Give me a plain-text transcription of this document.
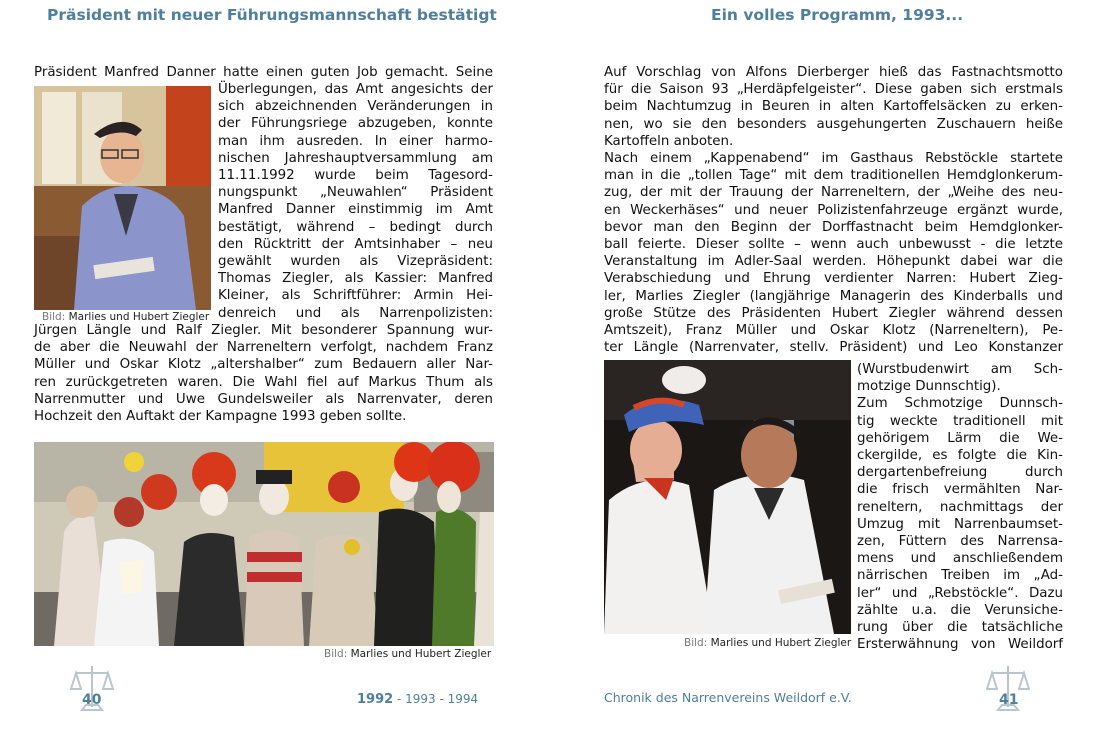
Präsident mit neuer Führungsmannschaft bestätigt

Präsident Manfred Danner hatte einen guten Job gemacht. Seine

Bild: Marlies und Hubert Ziegler

Überlegungen, das Amt angesichts der

sich abzeichnenden Veränderungen in

der Führungsriege abzugeben, konnte

man ihm ausreden. In einer harmo-

nischen Jahreshauptversammlung am

11.11.1992 wurde beim Tagesord-

nungspunkt „Neuwahlen“ Präsident

Manfred Danner einstimmig im Amt

bestätigt, während – bedingt durch

den Rücktritt der Amtsinhaber – neu

gewählt wurden als Vizepräsident:

Thomas Ziegler, als Kassier: Manfred

Kleiner, als Schriftführer: Armin Hei-

denreich und als Narrenpolizisten:

Jürgen Längle und Ralf Ziegler. Mit besonderer Spannung wur-

de aber die Neuwahl der Narreneltern verfolgt, nachdem Franz

Müller und Oskar Klotz „altershalber“ zum Bedauern aller Nar-

ren zurückgetreten waren. Die Wahl fiel auf Markus Thum als

Narrenmutter und Uwe Gundelsweiler als Narrenvater, deren

Hochzeit den Auftakt der Kampagne 1993 geben sollte.

Bild: Marlies und Hubert Ziegler
40	1992 - 1993 - 1994
Ein volles Programm, 1993...

Auf Vorschlag von Alfons Dierberger hieß das Fastnachtsmotto

für die Saison 93 „Herdäpfelgeister“. Diese gaben sich erstmals

beim Nachtumzug in Beuren in alten Kartoffelsäcken zu erken-

nen, wo sie den besonders ausgehungerten Zuschauern heiße

Kartoffeln anboten.

Nach einem „Kappenabend“ im Gasthaus Rebstöckle startete

man in die „tollen Tage“ mit dem traditionellen Hemdglonkerum-

zug, der mit der Trauung der Narreneltern, der „Weihe des neu-

en Weckerhäses“ und neuer Polizistenfahrzeuge ergänzt wurde,

bevor man den Beginn der Dorffastnacht beim Hemdglonker-

ball feierte. Dieser sollte – wenn auch unbewusst - die letzte

Veranstaltung im Adler-Saal werden. Höhepunkt dabei war die

Verabschiedung und Ehrung verdienter Narren: Hubert Zieg-

ler, Marlies Ziegler (langjährige Managerin des Kinderballs und

große Stütze des Präsidenten Hubert Ziegler während dessen

Amtszeit), Franz Müller und Oskar Klotz (Narreneltern), Pe-

ter Längle (Narrenvater, stellv. Präsident) und Leo Konstanzer

Bild: Marlies und Hubert Ziegler

(Wurstbudenwirt am Sch-

motzige Dunnschtig).

Zum Schmotzige Dunnsch-

tig weckte traditionell mit

gehörigem Lärm die We-

ckergilde, es folgte die Kin-

dergartenbefreiung durch

die frisch vermählten Nar-

reneltern, nachmittags der

Umzug mit Narrenbaumset-

zen, Füttern des Narrensa-

mens und anschließendem

närrischen Treiben im „Ad-

ler“ und „Rebstöckle“. Dazu

zählte u.a. die Verunsiche-

rung über die tatsächliche

Ersterwähnung von Weildorf

Chronik des Narrenvereins Weildorf e.V.	41
